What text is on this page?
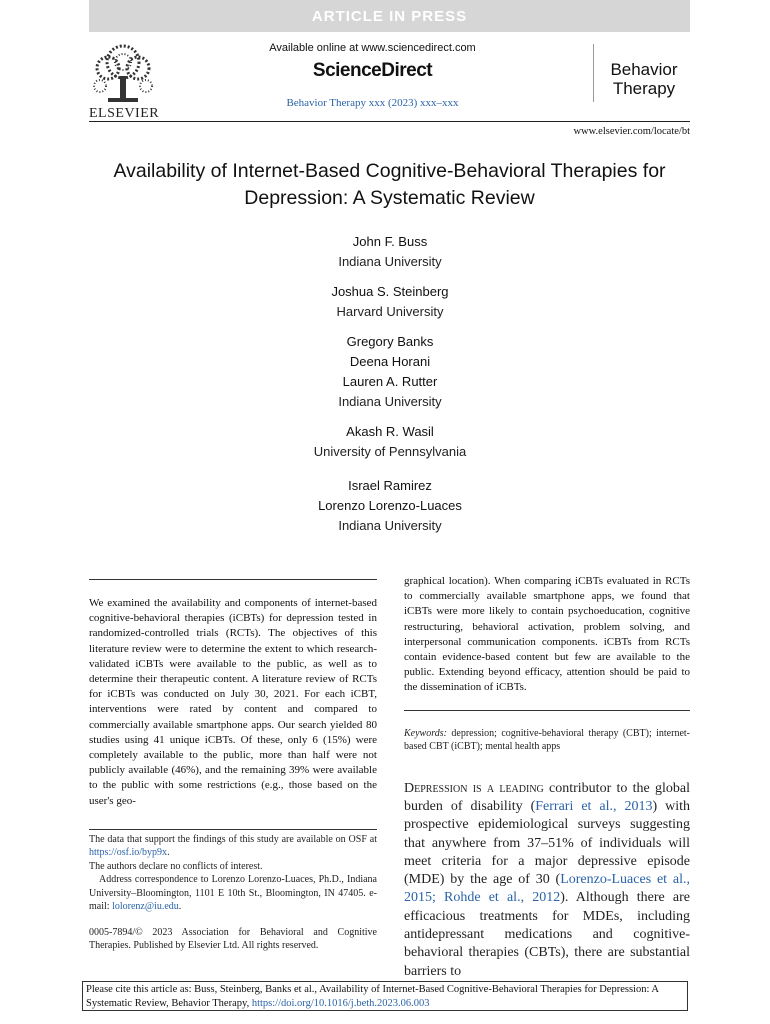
ARTICLE IN PRESS
ELSEVIER
Available online at www.sciencedirect.com
ScienceDirect
Behavior Therapy xxx (2023) xxx–xxx
Behavior
Therapy
www.elsevier.com/locate/bt
Availability of Internet-Based Cognitive-Behavioral Therapies for
Depression: A Systematic Review
John F. Buss
Indiana University
Joshua S. Steinberg
Harvard University
Gregory Banks
Deena Horani
Lauren A. Rutter
Indiana University
Akash R. Wasil
University of Pennsylvania
Israel Ramirez
Lorenzo Lorenzo-Luaces
Indiana University
We examined the availability and components of internet-based cognitive-behavioral therapies (iCBTs) for depression tested in randomized-controlled trials (RCTs). The objectives of this literature review were to determine the extent to which research-validated iCBTs were available to the public, as well as to determine their therapeutic content. A literature review of RCTs for iCBTs was conducted on July 30, 2021. For each iCBT, interventions were rated by content and compared to commercially available smartphone apps. Our search yielded 80 studies using 41 unique iCBTs. Of these, only 6 (15%) were completely available to the public, more than half were not publicly available (46%), and the remaining 39% were available to the public with some restrictions (e.g., those based on the user's geo-
The data that support the findings of this study are available on OSF at https://osf.io/byp9x.
The authors declare no conflicts of interest.
Address correspondence to Lorenzo Lorenzo-Luaces, Ph.D., Indiana University–Bloomington, 1101 E 10th St., Bloomington, IN 47405. e-mail: lolorenz@iu.edu.
0005-7894/© 2023 Association for Behavioral and Cognitive Therapies. Published by Elsevier Ltd. All rights reserved.
graphical location). When comparing iCBTs evaluated in RCTs to commercially available smartphone apps, we found that iCBTs were more likely to contain psychoeducation, cognitive restructuring, behavioral activation, problem solving, and interpersonal communication components. iCBTs from RCTs contain evidence-based content but few are available to the public. Extending beyond efficacy, attention should be paid to the dissemination of iCBTs.
Keywords: depression; cognitive-behavioral therapy (CBT); internet-based CBT (iCBT); mental health apps
Depression is a leading contributor to the global burden of disability (Ferrari et al., 2013) with prospective epidemiological surveys suggesting that anywhere from 37–51% of individuals will meet criteria for a major depressive episode (MDE) by the age of 30 (Lorenzo-Luaces et al., 2015; Rohde et al., 2012). Although there are efficacious treatments for MDEs, including antidepressant medications and cognitive-behavioral therapies (CBTs), there are substantial barriers to
Please cite this article as: Buss, Steinberg, Banks et al., Availability of Internet-Based Cognitive-Behavioral Therapies for Depression: A Systematic Review, Behavior Therapy, https://doi.org/10.1016/j.beth.2023.06.003
